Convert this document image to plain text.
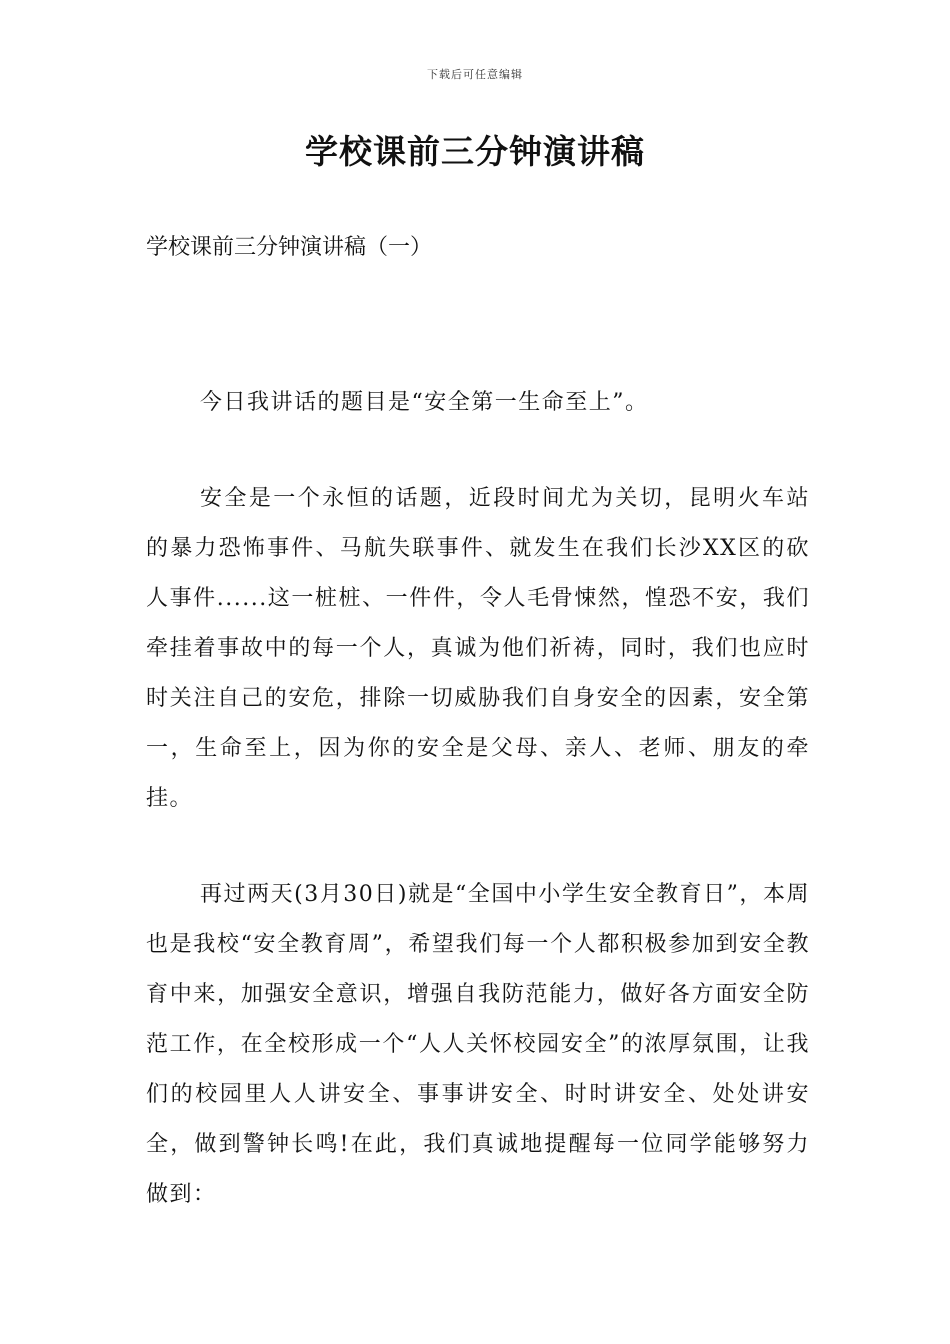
下载后可任意编辑
学校课前三分钟演讲稿
学校课前三分钟演讲稿（一）

今日我讲话的题目是“安全第一生命至上”。

安全是一个永恒的话题，近段时间尤为关切，昆明火车站的暴力恐怖事件、马航失联事件、就发生在我们长沙XX区的砍人事件......这一桩桩、一件件，令人毛骨悚然，惶恐不安，我们牵挂着事故中的每一个人，真诚为他们祈祷，同时，我们也应时时关注自己的安危，排除一切威胁我们自身安全的因素，安全第一，生命至上，因为你的安全是父母、亲人、老师、朋友的牵挂。

再过两天(3月30日)就是“全国中小学生安全教育日”，本周也是我校“安全教育周”，希望我们每一个人都积极参加到安全教育中来，加强安全意识，增强自我防范能力，做好各方面安全防范工作，在全校形成一个“人人关怀校园安全”的浓厚氛围，让我们的校园里人人讲安全、事事讲安全、时时讲安全、处处讲安全，做到警钟长鸣!在此，我们真诚地提醒每一位同学能够努力做到：
